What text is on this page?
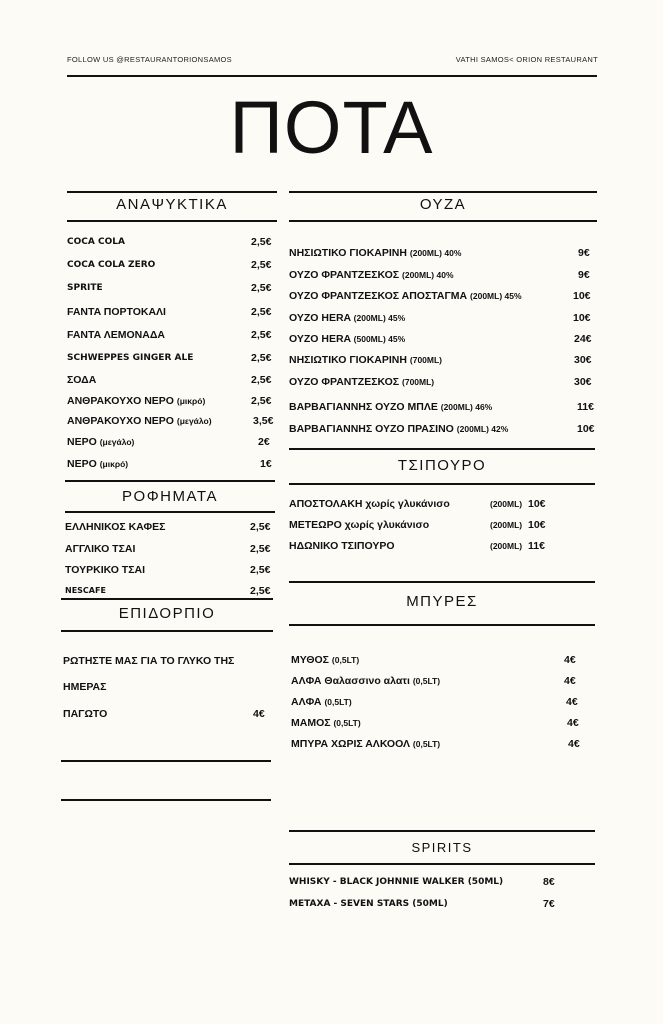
FOLLOW US @RESTAURANTORIONSAMOS	VATHI SAMOS< ORION RESTAURANT
ΠΟΤΑ
ΑΝΑΨΥΚΤΙΚΑ
COCA COLA	2,5€
COCA COLA ZERO	2,5€
SPRITE	2,5€
FANTA ΠΟΡΤΟΚΑΛΙ	2,5€
FANTA ΛΕΜΟΝΑΔΑ	2,5€
SCHWEPPES GINGER ALE	2,5€
ΣΟΔΑ	2,5€
ΑΝΘΡΑΚΟΥΧΟ ΝΕΡΟ (μικρό)	2,5€
ΑΝΘΡΑΚΟΥΧΟ ΝΕΡΟ (μεγάλο)	3,5€
ΝΕΡΟ (μεγάλο)	2€
ΝΕΡΟ (μικρό)	1€
ΡΟΦΗΜΑΤΑ
ΕΛΛΗΝΙΚΟΣ ΚΑΦΕΣ	2,5€
ΑΓΓΛΙΚΟ ΤΣΑΙ	2,5€
ΤΟΥΡΚΙΚΟ ΤΣΑΙ	2,5€
NESCAFE	2,5€
ΕΠΙΔΟΡΠΙΟ
ΡΩΤΗΣΤΕ ΜΑΣ ΓΙΑ ΤΟ ΓΛΥΚΟ ΤΗΣ
ΗΜΕΡΑΣ
ΠΑΓΩΤΟ	4€
ΟΥΖΑ
ΝΗΣΙΩΤΙΚΟ ΓΙΟΚΑΡΙΝΗ (200ML) 40%	9€
ΟΥΖΟ ΦΡΑΝΤΖΕΣΚΟΣ (200ML) 40%	9€
ΟΥΖΟ ΦΡΑΝΤΖΕΣΚΟΣ ΑΠΟΣΤΑΓΜΑ (200ML) 45%	10€
ΟΥΖΟ HERA (200ML) 45%	10€
ΟΥΖΟ HERA (500ML) 45%	24€
ΝΗΣΙΩΤΙΚΟ ΓΙΟΚΑΡΙΝΗ (700ML)	30€
ΟΥΖΟ ΦΡΑΝΤΖΕΣΚΟΣ (700ML)	30€
ΒΑΡΒΑΓΙΑΝΝΗΣ ΟΥΖΟ ΜΠΛΕ (200ML) 46%	11€
ΒΑΡΒΑΓΙΑΝΝΗΣ ΟΥΖΟ ΠΡΑΣΙΝΟ (200ML) 42%	10€
ΤΣΙΠΟΥΡΟ
ΑΠΟΣΤΟΛΑΚΗ χωρίς γλυκάνισο	(200ML) 10€
ΜΕΤΕΩΡΟ χωρίς γλυκάνισο	(200ML) 10€
ΗΔΩΝΙΚΟ ΤΣΙΠΟΥΡΟ	(200ML) 11€
ΜΠΥΡΕΣ
ΜΥΘΟΣ (0,5LT)	4€
ΑΛΦΑ Θαλασσινο αλατι (0,5LT)	4€
ΑΛΦΑ (0,5LT)	4€
ΜΑΜΟΣ (0,5LT)	4€
ΜΠΥΡΑ ΧΩΡΙΣ ΑΛΚΟΟΛ (0,5LT)	4€
SPIRITS
WHISKY - BLACK JOHNNIE WALKER (50ML)	8€
METAXA - SEVEN STARS (50ML)	7€
